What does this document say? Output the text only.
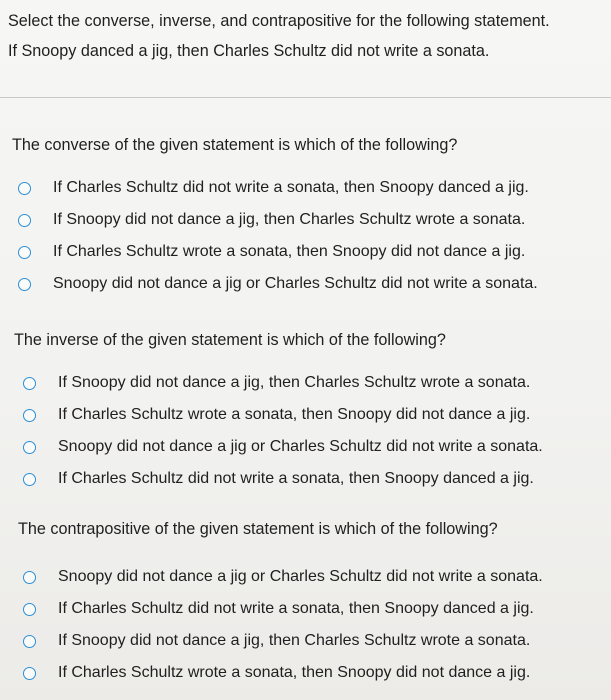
Select the converse, inverse, and contrapositive for the following statement.
If Snoopy danced a jig, then Charles Schultz did not write a sonata.
The converse of the given statement is which of the following?
If Charles Schultz did not write a sonata, then Snoopy danced a jig.
If Snoopy did not dance a jig, then Charles Schultz wrote a sonata.
If Charles Schultz wrote a sonata, then Snoopy did not dance a jig.
Snoopy did not dance a jig or Charles Schultz did not write a sonata.
The inverse of the given statement is which of the following?
If Snoopy did not dance a jig, then Charles Schultz wrote a sonata.
If Charles Schultz wrote a sonata, then Snoopy did not dance a jig.
Snoopy did not dance a jig or Charles Schultz did not write a sonata.
If Charles Schultz did not write a sonata, then Snoopy danced a jig.
The contrapositive of the given statement is which of the following?
Snoopy did not dance a jig or Charles Schultz did not write a sonata.
If Charles Schultz did not write a sonata, then Snoopy danced a jig.
If Snoopy did not dance a jig, then Charles Schultz wrote a sonata.
If Charles Schultz wrote a sonata, then Snoopy did not dance a jig.
